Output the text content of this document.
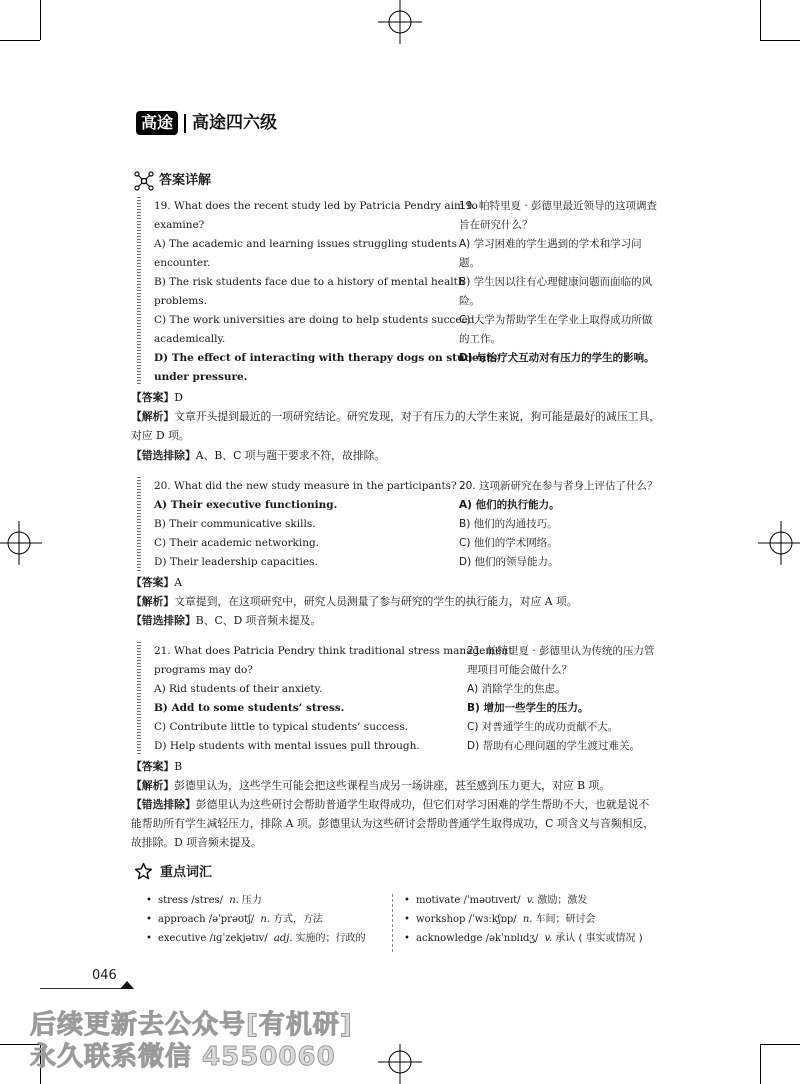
高途 高途四六级
答案详解
19. What does the recent study led by Patricia Pendry aim to
examine?
A) The academic and learning issues struggling students
encounter.
B) The risk students face due to a history of mental health
problems.
C) The work universities are doing to help students succeed
academically.
D) The effect of interacting with therapy dogs on students
under pressure.
19. 帕特里夏 · 彭德里最近领导的这项调查
旨在研究什么？
A) 学习困难的学生遇到的学术和学习问
题。
B) 学生因以往有心理健康问题而面临的风
险。
C) 大学为帮助学生在学业上取得成功所做
的工作。
D) 与治疗犬互动对有压力的学生的影响。
【答案】D
【解析】文章开头提到最近的一项研究结论。研究发现，对于有压力的大学生来说，狗可能是最好的减压工具，
对应 D 项。
【错选排除】A、B、C 项与题干要求不符，故排除。
20. What did the new study measure in the participants?
A) Their executive functioning.
B) Their communicative skills.
C) Their academic networking.
D) Their leadership capacities.
20. 这项新研究在参与者身上评估了什么？
A) 他们的执行能力。
B) 他们的沟通技巧。
C) 他们的学术网络。
D) 他们的领导能力。
【答案】A
【解析】文章提到，在这项研究中，研究人员测量了参与研究的学生的执行能力，对应 A 项。
【错选排除】B、C、D 项音频未提及。
21. What does Patricia Pendry think traditional stress management
programs may do?
A) Rid students of their anxiety.
B) Add to some students’ stress.
C) Contribute little to typical students’ success.
D) Help students with mental issues pull through.
21. 帕特里夏 · 彭德里认为传统的压力管
理项目可能会做什么？
A) 消除学生的焦虑。
B) 增加一些学生的压力。
C) 对普通学生的成功贡献不大。
D) 帮助有心理问题的学生渡过难关。
【答案】B
【解析】彭德里认为，这些学生可能会把这些课程当成另一场讲座，甚至感到压力更大，对应 B 项。
【错选排除】彭德里认为这些研讨会帮助普通学生取得成功，但它们对学习困难的学生帮助不大，也就是说不
能帮助所有学生减轻压力，排除 A 项。彭德里认为这些研讨会帮助普通学生取得成功，C 项含义与音频相反，
故排除。D 项音频未提及。
重点词汇
• stress /stres/ n. 压力
• approach /əˈprəʊtʃ/ n. 方式，方法
• executive /ɪɡˈzekjətɪv/ adj. 实施的；行政的
• motivate /ˈməʊtɪveɪt/ v. 激励；激发
• workshop /ˈwɜːkʃɒp/ n. 车间；研讨会
• acknowledge /əkˈnɒlɪdʒ/ v. 承认 ( 事实或情况 )
046
后续更新去公众号[有机研]
永久联系微信 4550060
